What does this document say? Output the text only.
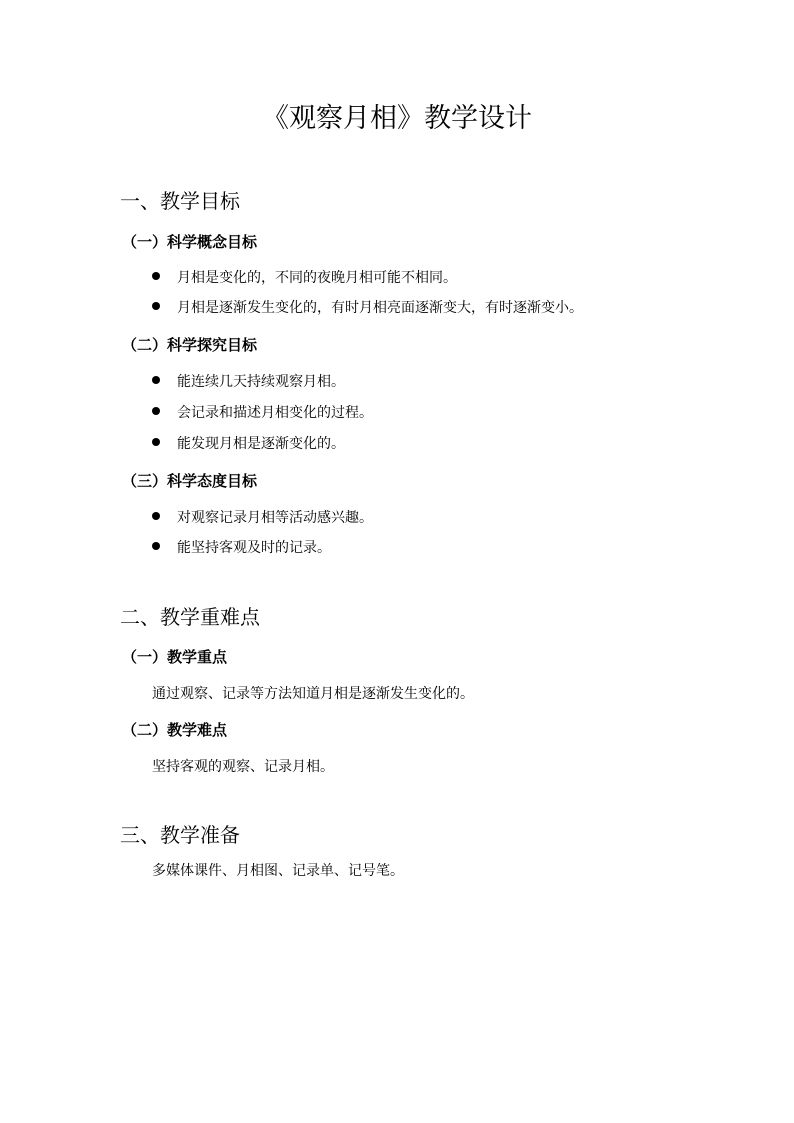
《观察月相》教学设计
一、教学目标
（一）科学概念目标
月相是变化的，不同的夜晚月相可能不相同。
月相是逐渐发生变化的，有时月相亮面逐渐变大，有时逐渐变小。
（二）科学探究目标
能连续几天持续观察月相。
会记录和描述月相变化的过程。
能发现月相是逐渐变化的。
（三）科学态度目标
对观察记录月相等活动感兴趣。
能坚持客观及时的记录。
二、教学重难点
（一）教学重点
通过观察、记录等方法知道月相是逐渐发生变化的。
（二）教学难点
坚持客观的观察、记录月相。
三、教学准备
多媒体课件、月相图、记录单、记号笔。
